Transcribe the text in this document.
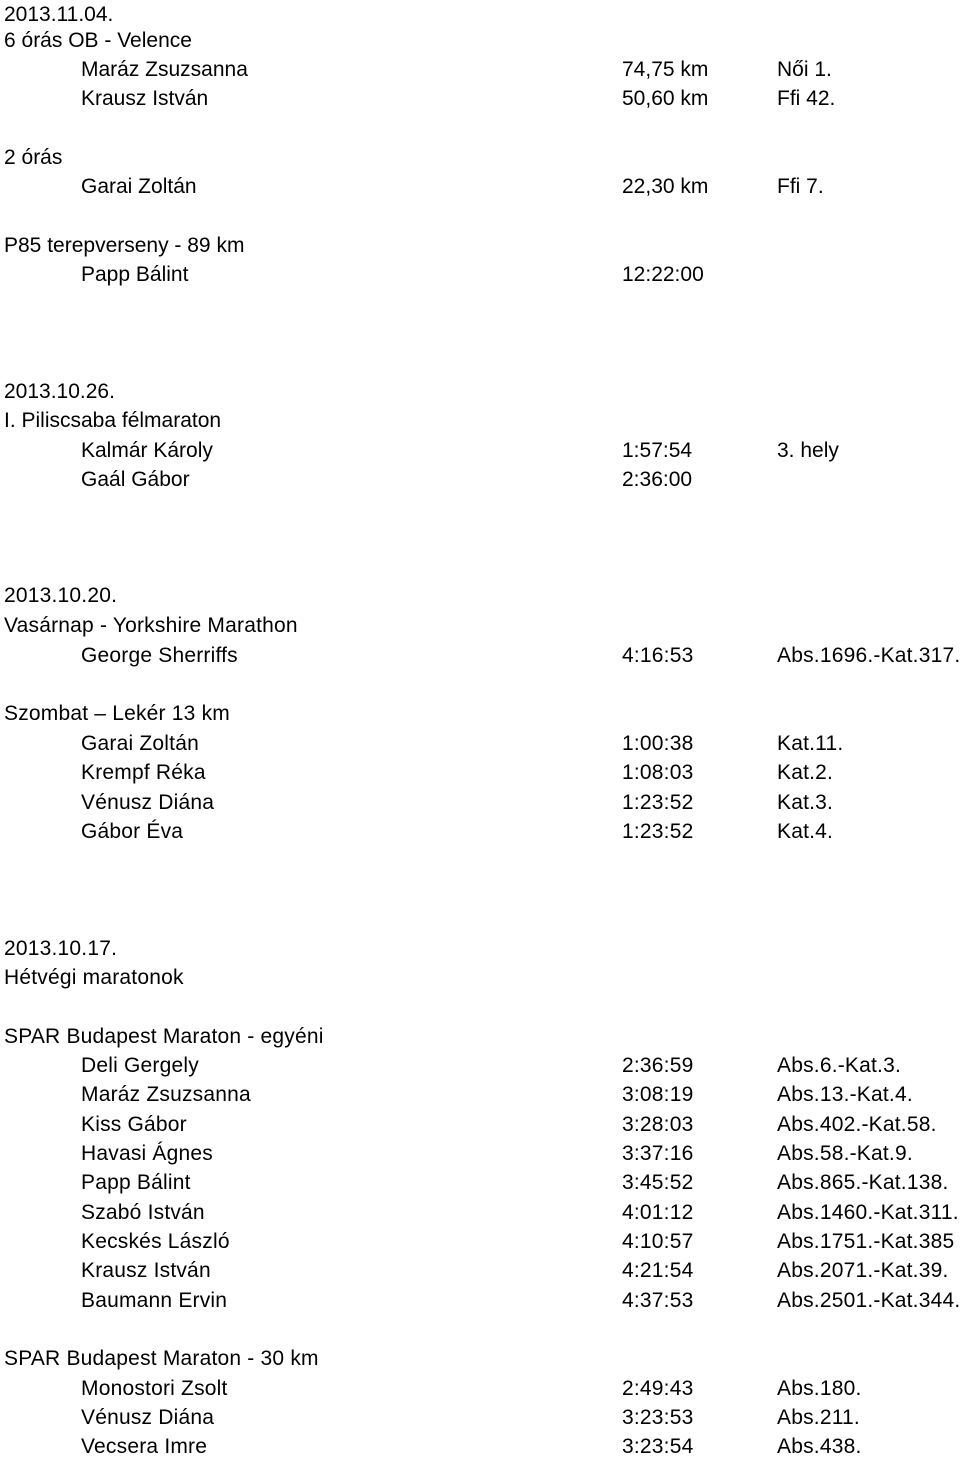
2013.11.04.
6 órás OB - Velence
Maráz Zsuzsanna	74,75 km	Női 1.
Krausz István	50,60 km	Ffi 42.
2 órás
Garai Zoltán	22,30 km	Ffi 7.
P85 terepverseny - 89 km
Papp Bálint	12:22:00
2013.10.26.
I. Piliscsaba félmaraton
Kalmár Károly	1:57:54	3. hely
Gaál Gábor	2:36:00
2013.10.20.
Vasárnap - Yorkshire Marathon
George Sherriffs	4:16:53	Abs.1696.-Kat.317.
Szombat – Lekér 13 km
Garai Zoltán	1:00:38	Kat.11.
Krempf Réka	1:08:03	Kat.2.
Vénusz Diána	1:23:52	Kat.3.
Gábor Éva	1:23:52	Kat.4.
2013.10.17.
Hétvégi maratonok
SPAR Budapest Maraton - egyéni
Deli Gergely	2:36:59	Abs.6.-Kat.3.
Maráz Zsuzsanna	3:08:19	Abs.13.-Kat.4.
Kiss Gábor	3:28:03	Abs.402.-Kat.58.
Havasi Ágnes	3:37:16	Abs.58.-Kat.9.
Papp Bálint	3:45:52	Abs.865.-Kat.138.
Szabó István	4:01:12	Abs.1460.-Kat.311.
Kecskés László	4:10:57	Abs.1751.-Kat.385
Krausz István	4:21:54	Abs.2071.-Kat.39.
Baumann Ervin	4:37:53	Abs.2501.-Kat.344.
SPAR Budapest Maraton - 30 km
Monostori Zsolt	2:49:43	Abs.180.
Vénusz Diána	3:23:53	Abs.211.
Vecsera Imre	3:23:54	Abs.438.
